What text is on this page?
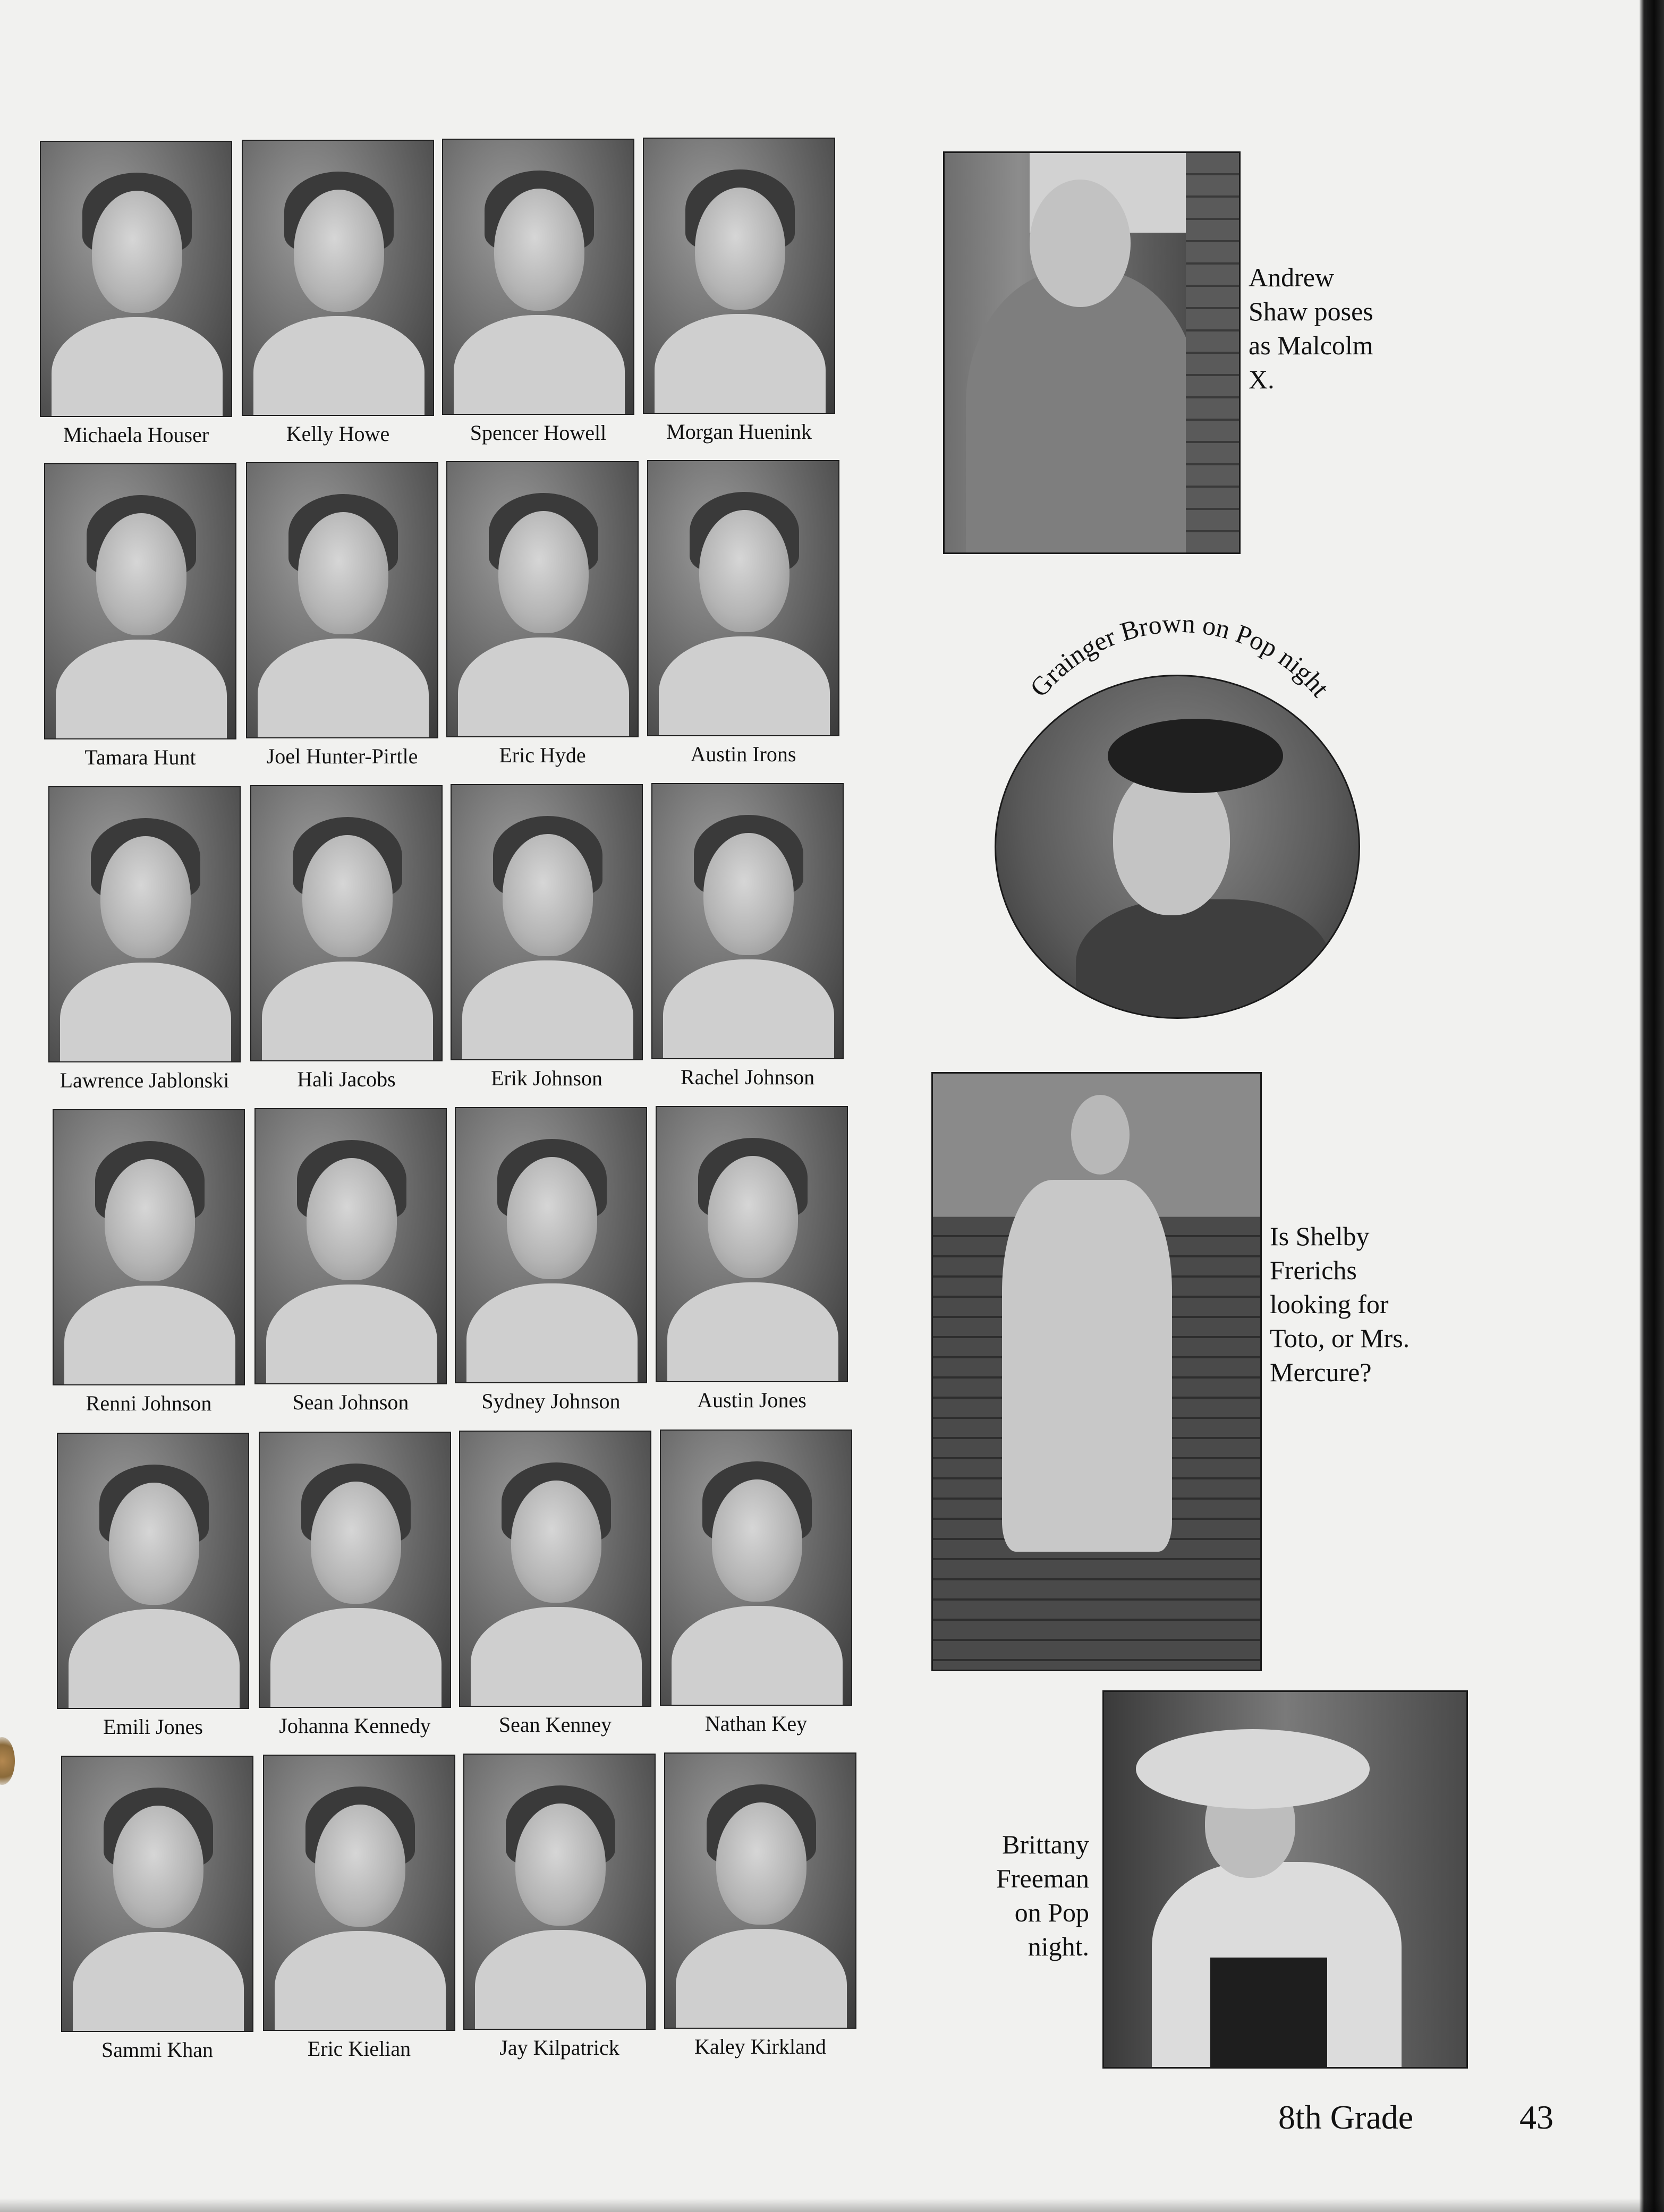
Michaela Houser	Kelly Howe	Spencer Howell	Morgan Huenink
Tamara Hunt	Joel Hunter-Pirtle	Eric Hyde	Austin Irons
Lawrence Jablonski	Hali Jacobs	Erik Johnson	Rachel Johnson
Renni Johnson	Sean Johnson	Sydney Johnson	Austin Jones
Emili Jones	Johanna Kennedy	Sean Kenney	Nathan Key
Sammi Khan	Eric Kielian	Jay Kilpatrick	Kaley Kirkland
Andrew
Shaw poses
as Malcolm
X.
Grainger Brown on Pop night
Is Shelby
Frerichs
looking for
Toto, or Mrs.
Mercure?
Brittany
Freeman
on Pop
night.
8th Grade	43
